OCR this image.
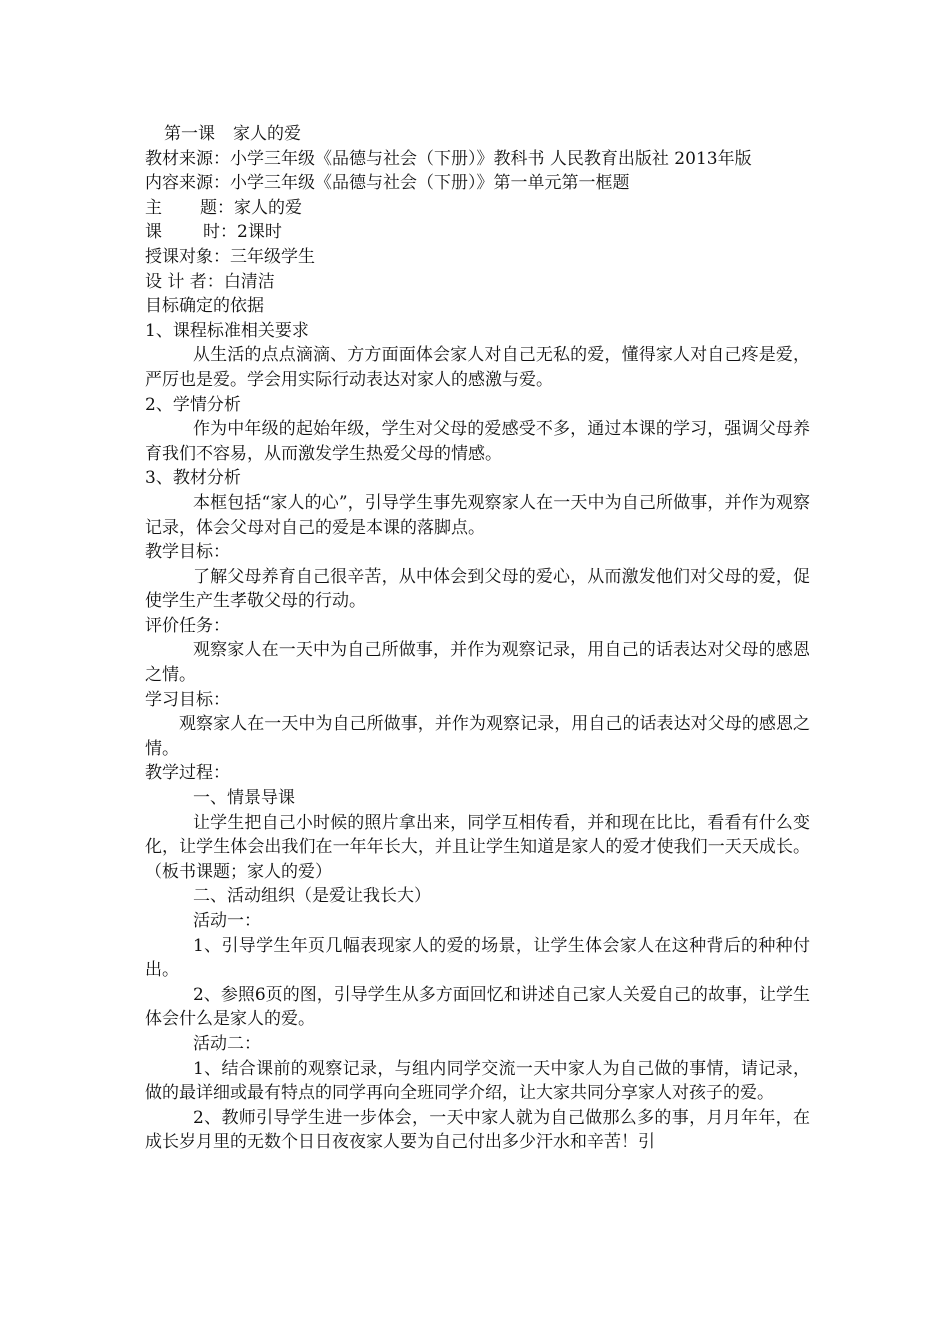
第一课 家人的爱
教材来源：小学三年级《品德与社会（下册）》教科书 人民教育出版社 2013年版
内容来源：小学三年级《品德与社会（下册）》第一单元第一框题
主 题：家人的爱
课 时：2课时
授课对象：三年级学生
设 计 者：白清洁
目标确定的依据
1、课程标准相关要求
从生活的点点滴滴、方方面面体会家人对自己无私的爱，懂得家人对自己疼是爱，严厉也是爱。学会用实际行动表达对家人的感激与爱。
2、学情分析
作为中年级的起始年级，学生对父母的爱感受不多，通过本课的学习，强调父母养育我们不容易，从而激发学生热爱父母的情感。
3、教材分析
本框包括“家人的心”，引导学生事先观察家人在一天中为自己所做事，并作为观察记录，体会父母对自己的爱是本课的落脚点。
教学目标：
了解父母养育自己很辛苦，从中体会到父母的爱心，从而激发他们对父母的爱，促使学生产生孝敬父母的行动。
评价任务：
观察家人在一天中为自己所做事，并作为观察记录，用自己的话表达对父母的感恩之情。
学习目标：
观察家人在一天中为自己所做事，并作为观察记录，用自己的话表达对父母的感恩之情。
教学过程：
一、情景导课
让学生把自己小时候的照片拿出来，同学互相传看，并和现在比比，看看有什么变化，让学生体会出我们在一年年长大，并且让学生知道是家人的爱才使我们一天天成长。（板书课题；家人的爱）
二、活动组织（是爱让我长大）
活动一：
1、引导学生年页几幅表现家人的爱的场景，让学生体会家人在这种背后的种种付出。
2、参照6页的图，引导学生从多方面回忆和讲述自己家人关爱自己的故事，让学生体会什么是家人的爱。
活动二：
1、结合课前的观察记录，与组内同学交流一天中家人为自己做的事情，请记录，做的最详细或最有特点的同学再向全班同学介绍，让大家共同分享家人对孩子的爱。
2、教师引导学生进一步体会，一天中家人就为自己做那么多的事，月月年年，在成长岁月里的无数个日日夜夜家人要为自己付出多少汗水和辛苦！引
